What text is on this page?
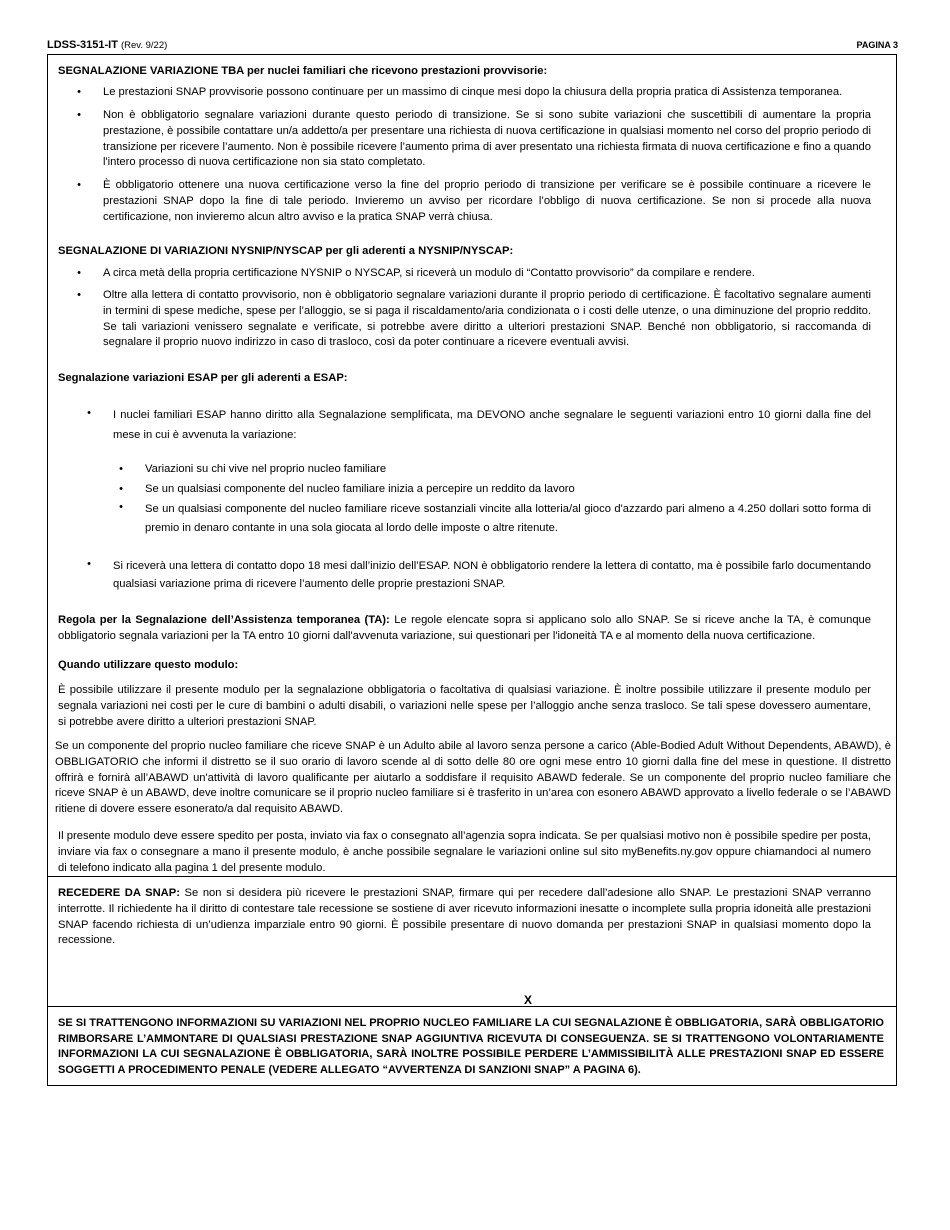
LDSS-3151-IT (Rev. 9/22)	PAGINA 3
SEGNALAZIONE VARIAZIONE TBA per nuclei familiari che ricevono prestazioni provvisorie:
• Le prestazioni SNAP provvisorie possono continuare per un massimo di cinque mesi dopo la chiusura della propria pratica di Assistenza temporanea.
• Non è obbligatorio segnalare variazioni durante questo periodo di transizione. Se si sono subite variazioni che suscettibili di aumentare la propria prestazione, è possibile contattare un/a addetto/a per presentare una richiesta di nuova certificazione in qualsiasi momento nel corso del proprio periodo di transizione per ricevere l’aumento. Non è possibile ricevere l’aumento prima di aver presentato una richiesta firmata di nuova certificazione e fino a quando l'intero processo di nuova certificazione non sia stato completato.
• È obbligatorio ottenere una nuova certificazione verso la fine del proprio periodo di transizione per verificare se è possibile continuare a ricevere le prestazioni SNAP dopo la fine di tale periodo. Invieremo un avviso per ricordare l’obbligo di nuova certificazione. Se non si procede alla nuova certificazione, non invieremo alcun altro avviso e la pratica SNAP verrà chiusa.
SEGNALAZIONE DI VARIAZIONI NYSNIP/NYSCAP per gli aderenti a NYSNIP/NYSCAP:
• A circa metà della propria certificazione NYSNIP o NYSCAP, si riceverà un modulo di “Contatto provvisorio” da compilare e rendere.
• Oltre alla lettera di contatto provvisorio, non è obbligatorio segnalare variazioni durante il proprio periodo di certificazione. È facoltativo segnalare aumenti in termini di spese mediche, spese per l’alloggio, se si paga il riscaldamento/aria condizionata o i costi delle utenze, o una diminuzione del proprio reddito. Se tali variazioni venissero segnalate e verificate, si potrebbe avere diritto a ulteriori prestazioni SNAP. Benché non obbligatorio, si raccomanda di segnalare il proprio nuovo indirizzo in caso di trasloco, così da poter continuare a ricevere eventuali avvisi.
Segnalazione variazioni ESAP per gli aderenti a ESAP:
• I nuclei familiari ESAP hanno diritto alla Segnalazione semplificata, ma DEVONO anche segnalare le seguenti variazioni entro 10 giorni dalla fine del mese in cui è avvenuta la variazione:
• Variazioni su chi vive nel proprio nucleo familiare
• Se un qualsiasi componente del nucleo familiare inizia a percepire un reddito da lavoro
• Se un qualsiasi componente del nucleo familiare riceve sostanziali vincite alla lotteria/al gioco d'azzardo pari almeno a 4.250 dollari sotto forma di premio in denaro contante in una sola giocata al lordo delle imposte o altre ritenute.
• Si riceverà una lettera di contatto dopo 18 mesi dall’inizio dell’ESAP. NON è obbligatorio rendere la lettera di contatto, ma è possibile farlo documentando qualsiasi variazione prima di ricevere l’aumento delle proprie prestazioni SNAP.
Regola per la Segnalazione dell’Assistenza temporanea (TA): Le regole elencate sopra si applicano solo allo SNAP. Se si riceve anche la TA, è comunque obbligatorio segnala variazioni per la TA entro 10 giorni dall'avvenuta variazione, sui questionari per l'idoneità TA e al momento della nuova certificazione.
Quando utilizzare questo modulo:
È possibile utilizzare il presente modulo per la segnalazione obbligatoria o facoltativa di qualsiasi variazione. È inoltre possibile utilizzare il presente modulo per segnala variazioni nei costi per le cure di bambini o adulti disabili, o variazioni nelle spese per l’alloggio anche senza trasloco. Se tali spese dovessero aumentare, si potrebbe avere diritto a ulteriori prestazioni SNAP.
Se un componente del proprio nucleo familiare che riceve SNAP è un Adulto abile al lavoro senza persone a carico (Able-Bodied Adult Without Dependents, ABAWD), è OBBLIGATORIO che informi il distretto se il suo orario di lavoro scende al di sotto delle 80 ore ogni mese entro 10 giorni dalla fine del mese in questione. Il distretto offrirà e fornirà all’ABAWD un'attività di lavoro qualificante per aiutarlo a soddisfare il requisito ABAWD federale. Se un componente del proprio nucleo familiare che riceve SNAP è un ABAWD, deve inoltre comunicare se il proprio nucleo familiare si è trasferito in un’area con esonero ABAWD approvato a livello federale o se l’ABAWD ritiene di dovere essere esonerato/a dal requisito ABAWD.
Il presente modulo deve essere spedito per posta, inviato via fax o consegnato all’agenzia sopra indicata. Se per qualsiasi motivo non è possibile spedire per posta, inviare via fax o consegnare a mano il presente modulo, è anche possibile segnalare le variazioni online sul sito myBenefits.ny.gov oppure chiamandoci al numero di telefono indicato alla pagina 1 del presente modulo.
RECEDERE DA SNAP: Se non si desidera più ricevere le prestazioni SNAP, firmare qui per recedere dall’adesione allo SNAP. Le prestazioni SNAP verranno interrotte. Il richiedente ha il diritto di contestare tale recessione se sostiene di aver ricevuto informazioni inesatte o incomplete sulla propria idoneità alle prestazioni SNAP facendo richiesta di un’udienza imparziale entro 90 giorni. È possibile presentare di nuovo domanda per prestazioni SNAP in qualsiasi momento dopo la recessione.
X
SE SI TRATTENGONO INFORMAZIONI SU VARIAZIONI NEL PROPRIO NUCLEO FAMILIARE LA CUI SEGNALAZIONE È OBBLIGATORIA, SARÀ OBBLIGATORIO RIMBORSARE L’AMMONTARE DI QUALSIASI PRESTAZIONE SNAP AGGIUNTIVA RICEVUTA DI CONSEGUENZA. SE SI TRATTENGONO VOLONTARIAMENTE INFORMAZIONI LA CUI SEGNALAZIONE È OBBLIGATORIA, SARÀ INOLTRE POSSIBILE PERDERE L’AMMISSIBILITÀ ALLE PRESTAZIONI SNAP ED ESSERE SOGGETTI A PROCEDIMENTO PENALE (VEDERE ALLEGATO “AVVERTENZA DI SANZIONI SNAP” A PAGINA 6).
